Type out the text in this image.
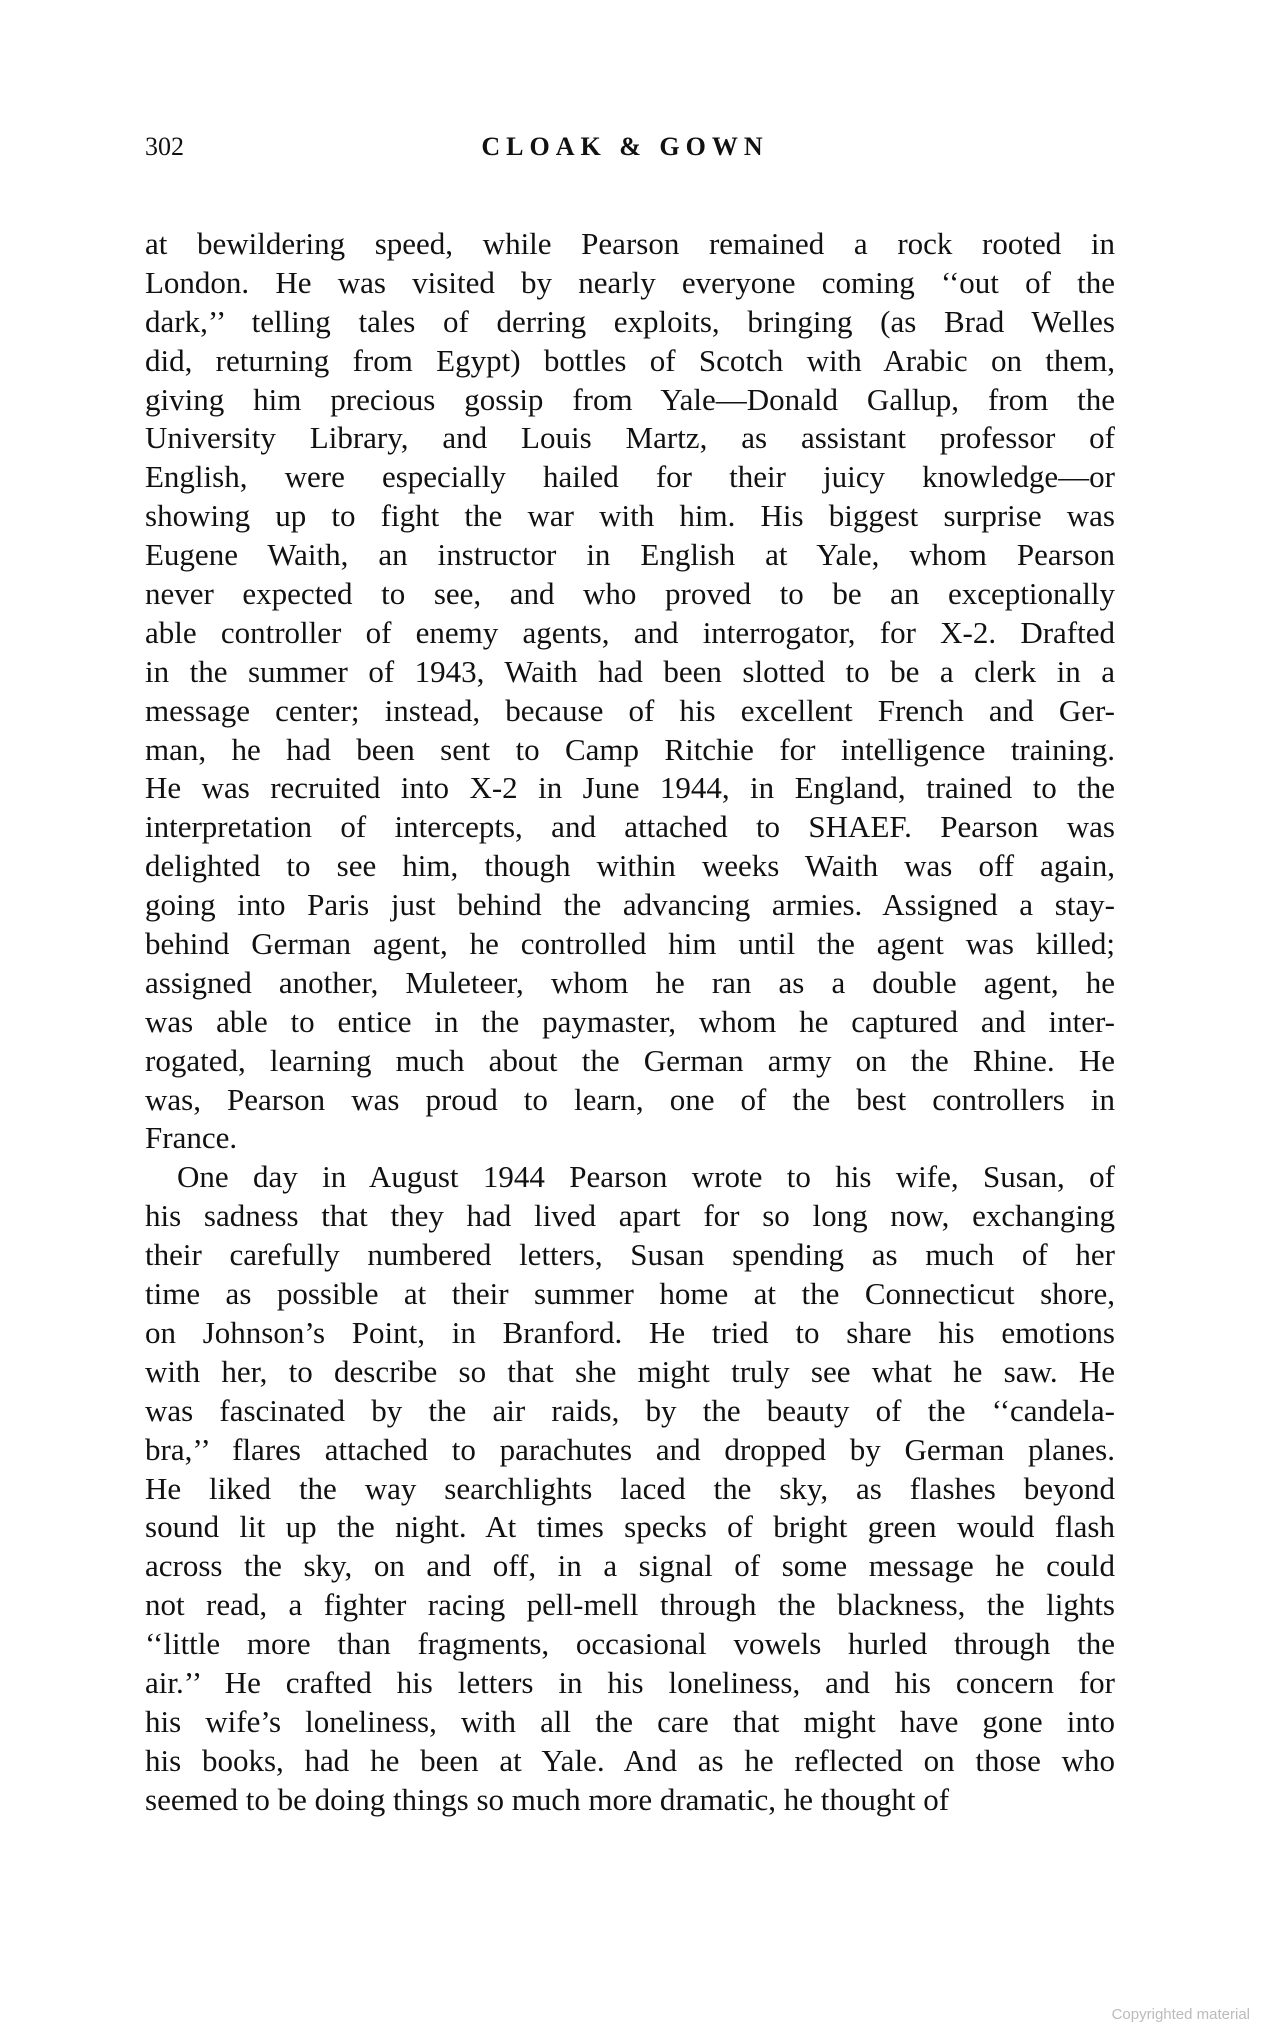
302	CLOAK & GOWN
at bewildering speed, while Pearson remained a rock rooted in
London. He was visited by nearly everyone coming ‘‘out of the
dark,’’ telling tales of derring exploits, bringing (as Brad Welles
did, returning from Egypt) bottles of Scotch with Arabic on them,
giving him precious gossip from Yale—Donald Gallup, from the
University Library, and Louis Martz, as assistant professor of
English, were especially hailed for their juicy knowledge—or
showing up to fight the war with him. His biggest surprise was
Eugene Waith, an instructor in English at Yale, whom Pearson
never expected to see, and who proved to be an exceptionally
able controller of enemy agents, and interrogator, for X-2. Drafted
in the summer of 1943, Waith had been slotted to be a clerk in a
message center; instead, because of his excellent French and Ger-
man, he had been sent to Camp Ritchie for intelligence training.
He was recruited into X-2 in June 1944, in England, trained to the
interpretation of intercepts, and attached to SHAEF. Pearson was
delighted to see him, though within weeks Waith was off again,
going into Paris just behind the advancing armies. Assigned a stay-
behind German agent, he controlled him until the agent was killed;
assigned another, Muleteer, whom he ran as a double agent, he
was able to entice in the paymaster, whom he captured and inter-
rogated, learning much about the German army on the Rhine. He
was, Pearson was proud to learn, one of the best controllers in
France.
One day in August 1944 Pearson wrote to his wife, Susan, of
his sadness that they had lived apart for so long now, exchanging
their carefully numbered letters, Susan spending as much of her
time as possible at their summer home at the Connecticut shore,
on Johnson’s Point, in Branford. He tried to share his emotions
with her, to describe so that she might truly see what he saw. He
was fascinated by the air raids, by the beauty of the ‘‘candela-
bra,’’ flares attached to parachutes and dropped by German planes.
He liked the way searchlights laced the sky, as flashes beyond
sound lit up the night. At times specks of bright green would flash
across the sky, on and off, in a signal of some message he could
not read, a fighter racing pell-mell through the blackness, the lights
‘‘little more than fragments, occasional vowels hurled through the
air.’’ He crafted his letters in his loneliness, and his concern for
his wife’s loneliness, with all the care that might have gone into
his books, had he been at Yale. And as he reflected on those who
seemed to be doing things so much more dramatic, he thought of
Copyrighted material
